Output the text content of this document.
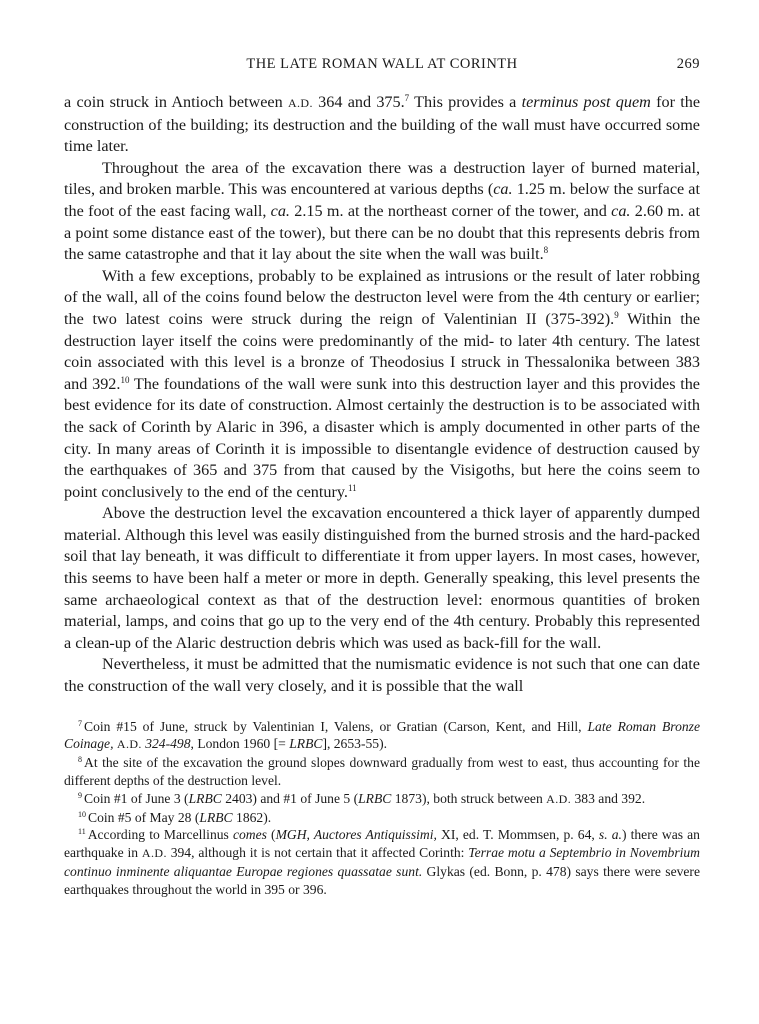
THE LATE ROMAN WALL AT CORINTH	269

a coin struck in Antioch between A.D. 364 and 375.$^7$ This provides a terminus post quem for the construction of the building; its destruction and the building of the wall must have occurred some time later.

Throughout the area of the excavation there was a destruction layer of burned material, tiles, and broken marble. This was encountered at various depths (ca. 1.25 m. below the surface at the foot of the east facing wall, ca. 2.15 m. at the northeast corner of the tower, and ca. 2.60 m. at a point some distance east of the tower), but there can be no doubt that this represents debris from the same catastrophe and that it lay about the site when the wall was built.$^8$

With a few exceptions, probably to be explained as intrusions or the result of later robbing of the wall, all of the coins found below the destructon level were from the 4th century or earlier; the two latest coins were struck during the reign of Valentinian II (375-392).$^9$ Within the destruction layer itself the coins were predominantly of the mid- to later 4th century. The latest coin associated with this level is a bronze of Theodosius I struck in Thessalonika between 383 and 392.10 The foundations of the wall were sunk into this destruction layer and this provides the best evidence for its date of construction. Almost certainly the destruction is to be associated with the sack of Corinth by Alaric in 396, a disaster which is amply documented in other parts of the city. In many areas of Corinth it is impossible to disentangle evidence of destruction caused by the earthquakes of 365 and 375 from that caused by the Visigoths, but here the coins seem to point conclusively to the end of the century.$^{11}$

Above the destruction level the excavation encountered a thick layer of apparently dumped material. Although this level was easily distinguished from the burned strosis and the hard-packed soil that lay beneath, it was difficult to differentiate it from upper layers. In most cases, however, this seems to have been half a meter or more in depth. Generally speaking, this level presents the same archaeological context as that of the destruction level: enormous quantities of broken material, lamps, and coins that go up to the very end of the 4th century. Probably this represented a clean-up of the Alaric destruction debris which was used as back-fill for the wall.

Nevertheless, it must be admitted that the numismatic evidence is not such that one can date the construction of the wall very closely, and it is possible that the wall

$^7$ Coin #15 of June, struck by Valentinian I, Valens, or Gratian (Carson, Kent, and Hill, Late Roman Bronze Coinage, A.D. 324-498, London 1960 [= LRBC], 2653-55).

$^8$ At the site of the excavation the ground slopes downward gradually from west to east, thus accounting for the different depths of the destruction level.

$^9$ Coin #1 of June 3 (LRBC 2403) and #1 of June 5 (LRBC 1873), both struck between A.D. 383 and 392.

$^{10}$ Coin #5 of May 28 (LRBC 1862).

$^{11}$ According to Marcellinus comes (MGH, Auctores Antiquissimi, XI, ed. T. Mommsen, p. 64, s. a.) there was an earthquake in A.D. 394, although it is not certain that it affected Corinth: Terrae motu a Septembrio in Novembrium continuo inminente aliquantae Europae regiones quassatae sunt. Glykas (ed. Bonn, p. 478) says there were severe earthquakes throughout the world in 395 or 396.
